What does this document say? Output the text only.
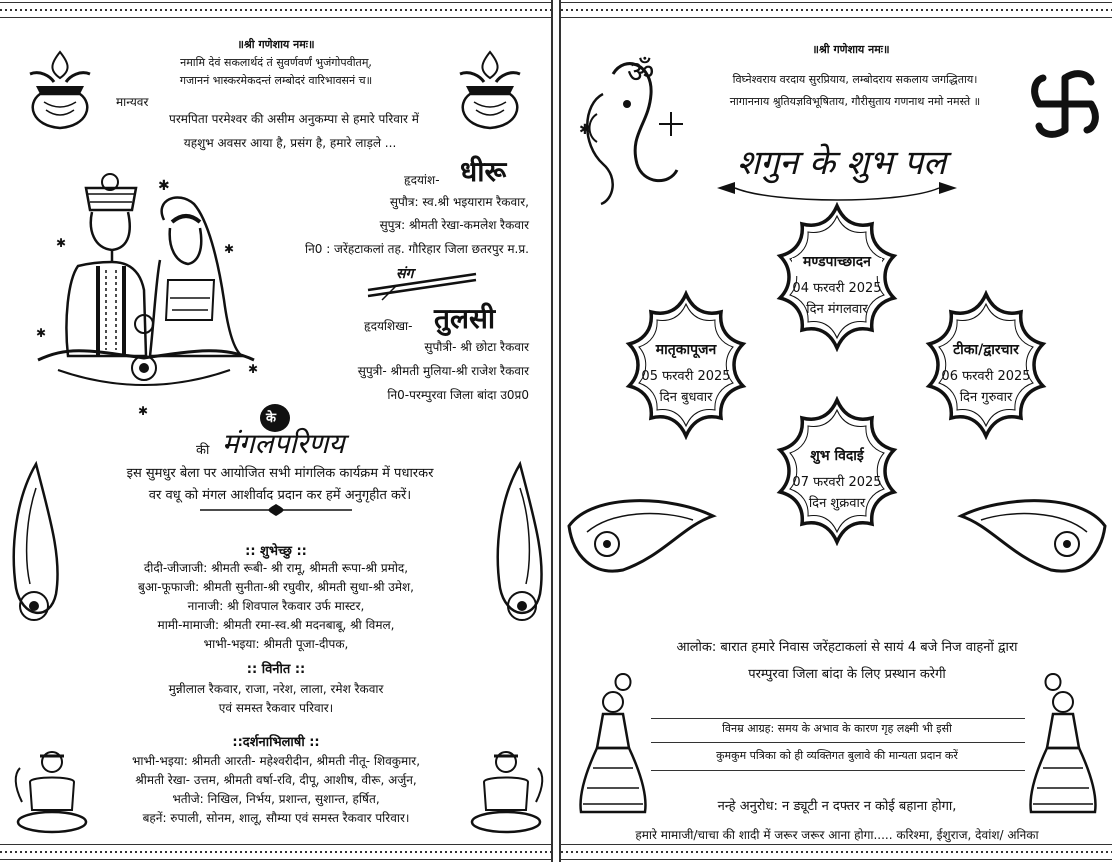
॥श्री गणेशाय नमः॥
नमामि देवं सकलार्थदं तं सुवर्णवर्णं भुजंगोपवीतम्,
गजाननं भास्करमेकदन्तं लम्बोदरं वारिभावसनं च॥
मान्यवर
परमपिता परमेश्वर की असीम अनुकम्पा से हमारे परिवार में
यहशुभ अवसर आया है, प्रसंग है, हमारे लाड़ले ...
✱
✱	✱
✱
✱
✱
हृदयांश- धीरू
सुपौत्र: स्व.श्री भइयाराम रैकवार,
सुपुत्र: श्रीमती रेखा-कमलेश रैकवार
नि0 : जरेंहटाकलां तह. गौरिहार जिला छतरपुर म.प्र.
संग
हृदयशिखा- तुलसी
सुपौत्री- श्री छोटा रैकवार
सुपुत्री- श्रीमती मुलिया-श्री राजेश रैकवार
नि0-परम्पुरवा जिला बांदा उ0प्र0
के
की मंगलपरिणय
इस सुमधुर बेला पर आयोजित सभी मांगलिक कार्यक्रम में पधारकर
वर वधू को मंगल आशीर्वाद प्रदान कर हमें अनुगृहीत करें।
:: शुभेच्छु ::
दीदी-जीजाजी: श्रीमती रूबी- श्री रामू, श्रीमती रूपा-श्री प्रमोद,
बुआ-फूफाजी: श्रीमती सुनीता-श्री रघुवीर, श्रीमती सुधा-श्री उमेश,
नानाजी: श्री शिवपाल रैकवार उर्फ मास्टर,
मामी-मामाजी: श्रीमती रमा-स्व.श्री मदनबाबू, श्री विमल,
भाभी-भइया: श्रीमती पूजा-दीपक,
:: विनीत ::
मुन्नीलाल रैकवार, राजा, नरेश, लाला, रमेश रैकवार
एवं समस्त रैकवार परिवार।
::दर्शनाभिलाषी ::
भाभी-भइया: श्रीमती आरती- महेश्वरीदीन, श्रीमती नीतू- शिवकुमार,
श्रीमती रेखा- उत्तम, श्रीमती वर्षा-रवि, दीपू, आशीष, वीरू, अर्जुन,
भतीजे: निखिल, निर्भय, प्रशान्त, सुशान्त, हर्षित,
बहनें: रुपाली, सोनम, शालू, सौम्या एवं समस्त रैकवार परिवार।
॥श्री गणेशाय नमः॥
विघ्नेश्वराय वरदाय सुरप्रियाय, लम्बोदराय सकलाय जगद्धिताय।
नागाननाय श्रुतियज्ञविभूषिताय, गौरीसुताय गणनाथ नमो नमस्ते ॥
ॐ
✱
शगुन के शुभ पल
मण्डपाच्छादन
04 फरवरी 2025
दिन मंगलवार
मातृकापूजन
05 फरवरी 2025
दिन बुधवार
टीका/द्वारचार
06 फरवरी 2025
दिन गुरुवार
शुभ विदाई
07 फरवरी 2025
दिन शुक्रवार
आलोक: बारात हमारे निवास जरेंहटाकलां से सायं 4 बजे निज वाहनों द्वारा
परम्पुरवा जिला बांदा के लिए प्रस्थान करेगी
विनम्र आग्रह: समय के अभाव के कारण गृह लक्ष्मी भी इसी
कुमकुम पत्रिका को ही व्यक्तिगत बुलावे की मान्यता प्रदान करें
नन्हे अनुरोध: न ड्यूटी न दफ्तर न कोई बहाना होगा,
हमारे मामाजी/चाचा की शादी में जरूर जरूर आना होगा..... करिश्मा, ईशुराज, देवांश/ अनिका
